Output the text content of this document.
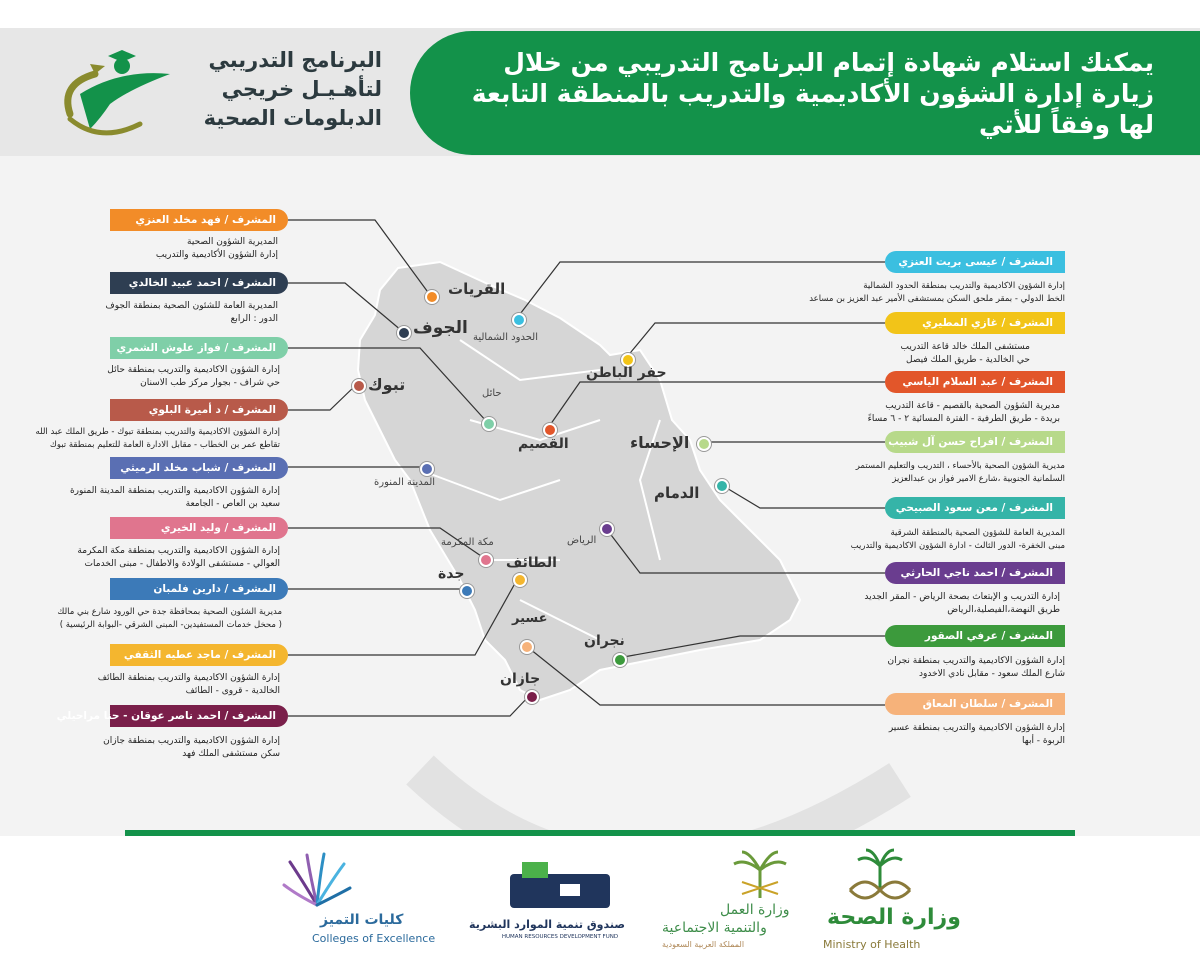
البرنامج التدريبي
لتأهـيـل خريجي
الدبلومات الصحية
يمكنك استلام شهادة إتمام البرنامج التدريبي من خلال زيارة إدارة الشؤون الأكاديمية والتدريب بالمنطقة التابعة لها وفقاً للأتي
القريات
الجوف
تبوك
الحدود الشمالية
حائل
حفر الباطن
القصيم	الإحساء
الدمام
المدينة المنورة
مكة المكرمة
جدة
الطائف
الرياض
عسير
نجران
جازان
المشرف / فهد مخلد العنزي
المديرية الشؤون الصحية
إدارة الشؤون الأكاديمية والتدريب
المشرف / احمد عبيد الخالدي
المديرية العامة للشئون الصحية بمنطقة الجوف
الدور : الرابع
المشرف / فواز علوش الشمري
إدارة الشؤون الاكاديمية والتدريب بمنطقة حائل
حي شراف - بجوار مركز طب الاسنان
المشرف / د أميرة البلوي
إدارة الشؤون الاكاديمية والتدريب بمنطقة تبوك - طريق الملك عبد الله
تقاطع عمر بن الخطاب - مقابل الادارة العامة للتعليم بمنطقة تبوك
المشرف / شباب مخلد الرميثي
إدارة الشؤون الاكاديمية والتدريب بمنطقة المدينة المنورة
سعيد بن العاص - الجامعة
المشرف / وليد الخيري
إدارة الشؤون الاكاديمية والتدريب بمنطقة مكة المكرمة
العوالي - مستشفى الولادة والاطفال - مبنى الخدمات
المشرف / دارين فلمبان
مديرية الشئون الصحية بمحافظة جدة حي الورود شارع بني مالك
( محخل خدمات المستفيدين- المبنى الشرقي -البوابة الرئيسية )
المشرف / ماجد عطيه الثقفي
إدارة الشؤون الاكاديمية والتدريب بمنطقة الطائف
الخالدية - قروى - الطائف
المشرف / احمد ناصر عوقان - حنا مراحيلي
إدارة الشؤون الاكاديمية والتدريب بمنطقة جازان
سكن مستشفى الملك فهد
المشرف / عيسى بريت العنزي
إدارة الشؤون الاكاديمية والتدريب بمنطقة الحدود الشمالية
الخط الدولي - بمقر ملحق السكن بمستشفى الأمير عبد العزيز بن مساعد
المشرف / غازي المطيري
مستشفى الملك خالد قاعة التدريب
حي الخالدية - طريق الملك فيصل
المشرف / عبد السلام الياسي
مديرية الشؤون الصحية بالقصيم - قاعة التدريب
بريدة - طريق الطرفية - الفترة المسائية ٢ - ٦ مساءً
المشرف / افراح حسن آل شبيب
مديرية الشؤون الصحية بالأحساء ، التدريب والتعليم المستمر
السلمانية الجنوبية ،شارع الامير فواز بن عبدالعزيز
المشرف / معن سعود الصبيحي
المديرية العامة للشؤون الصحية بالمنطقة الشرقية
مبنى الخفرة- الدور الثالث - ادارة الشؤون الاكاديمية والتدريب
المشرف / احمد ناجي الحارثي
إدارة التدريب و الإبتعاث بصحة الرياض - المقر الجديد
طريق النهضة،الفيصلية،الرياض
المشرف / عرفي الصقور
إدارة الشؤون الاكاديمية والتدريب بمنطقة نجران
شارع الملك سعود - مقابل نادي الاخدود
المشرف / سلطان المعاق
إدارة الشؤون الاكاديمية والتدريب بمنطقة عسير
الربوة - أبها
كليات التميز
Colleges of Excellence
صندوق تنمية الموارد البشرية
HUMAN RESOURCES DEVELOPMENT FUND
وزارة العمل
والتنمية الاجتماعية
المملكة العربية السعودية
وزارة الصحة
Ministry of Health
